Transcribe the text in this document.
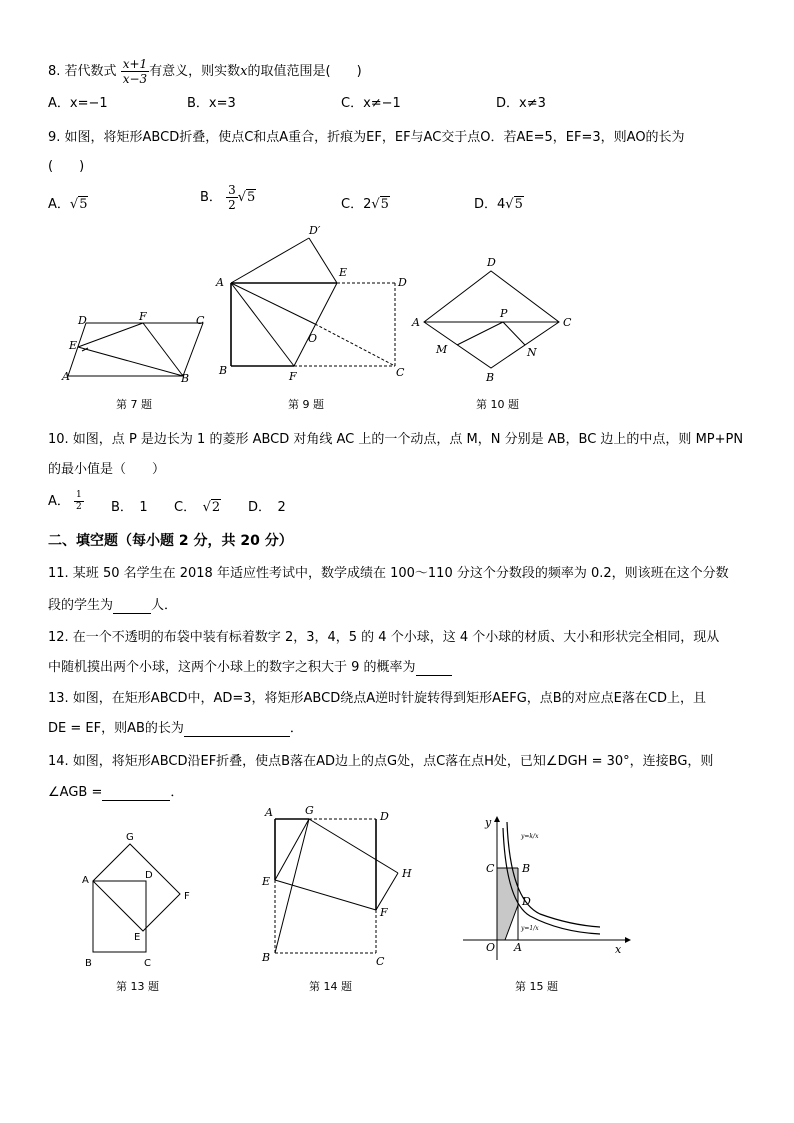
8. 若代数式 $\frac{x+1}{x-3}$ 有意义，则实数x的取值范围是(　　)
A．x=−1	B．x=3	C．x≠−1	D．x≠3
9. 如图，将矩形ABCD折叠，使点C和点A重合，折痕为EF，EF与AC交于点O．若AE=5，EF=3，则AO的长为
(　　)
A．√5	B． $\frac{3}{2} √5$	C．2√5	D．4√5
D	F	C
E
A	B
D′
A
E
D
O
B	F	C
D
A
P
C
M	N
B
第 7 题	第 9 题	第 10 题
10. 如图，点 P 是边长为 1 的菱形 ABCD 对角线 AC 上的一个动点，点 M，N 分别是 AB，BC 边上的中点，则 MP+PN
的最小值是（　　）
A． $\frac{1}{2}$ B．　1 C．　 √2 D．　2
二、填空题（每小题 2 分，共 20 分）
11. 某班 50 名学生在 2018 年适应性考试中，数学成绩在 100～110 分这个分数段的频率为 0.2，则该班在这个分数
段的学生为	人．
12. 在一个不透明的布袋中装有标着数字 2，3，4，5 的 4 个小球，这 4 个小球的材质、大小和形状完全相同，现从
中随机摸出两个小球，这两个小球上的数字之积大于 9 的概率为
13. 如图，在矩形ABCD中，AD=3，将矩形ABCD绕点A逆时针旋转得到矩形AEFG，点B的对应点E落在CD上，且
DE = EF，则AB的长为	．
14. 如图，将矩形ABCD沿EF折叠，使点B落在AD边上的点G处，点C落在点H处，已知∠DGH = 30°，连接BG，则
∠AGB =	．
G
A	D
F
E
B	C
A	G	D
E
H
F
B	C
y
C	B
D
O A	x
y=k/x
y=1/x
第 13 题	第 14 题	第 15 题
